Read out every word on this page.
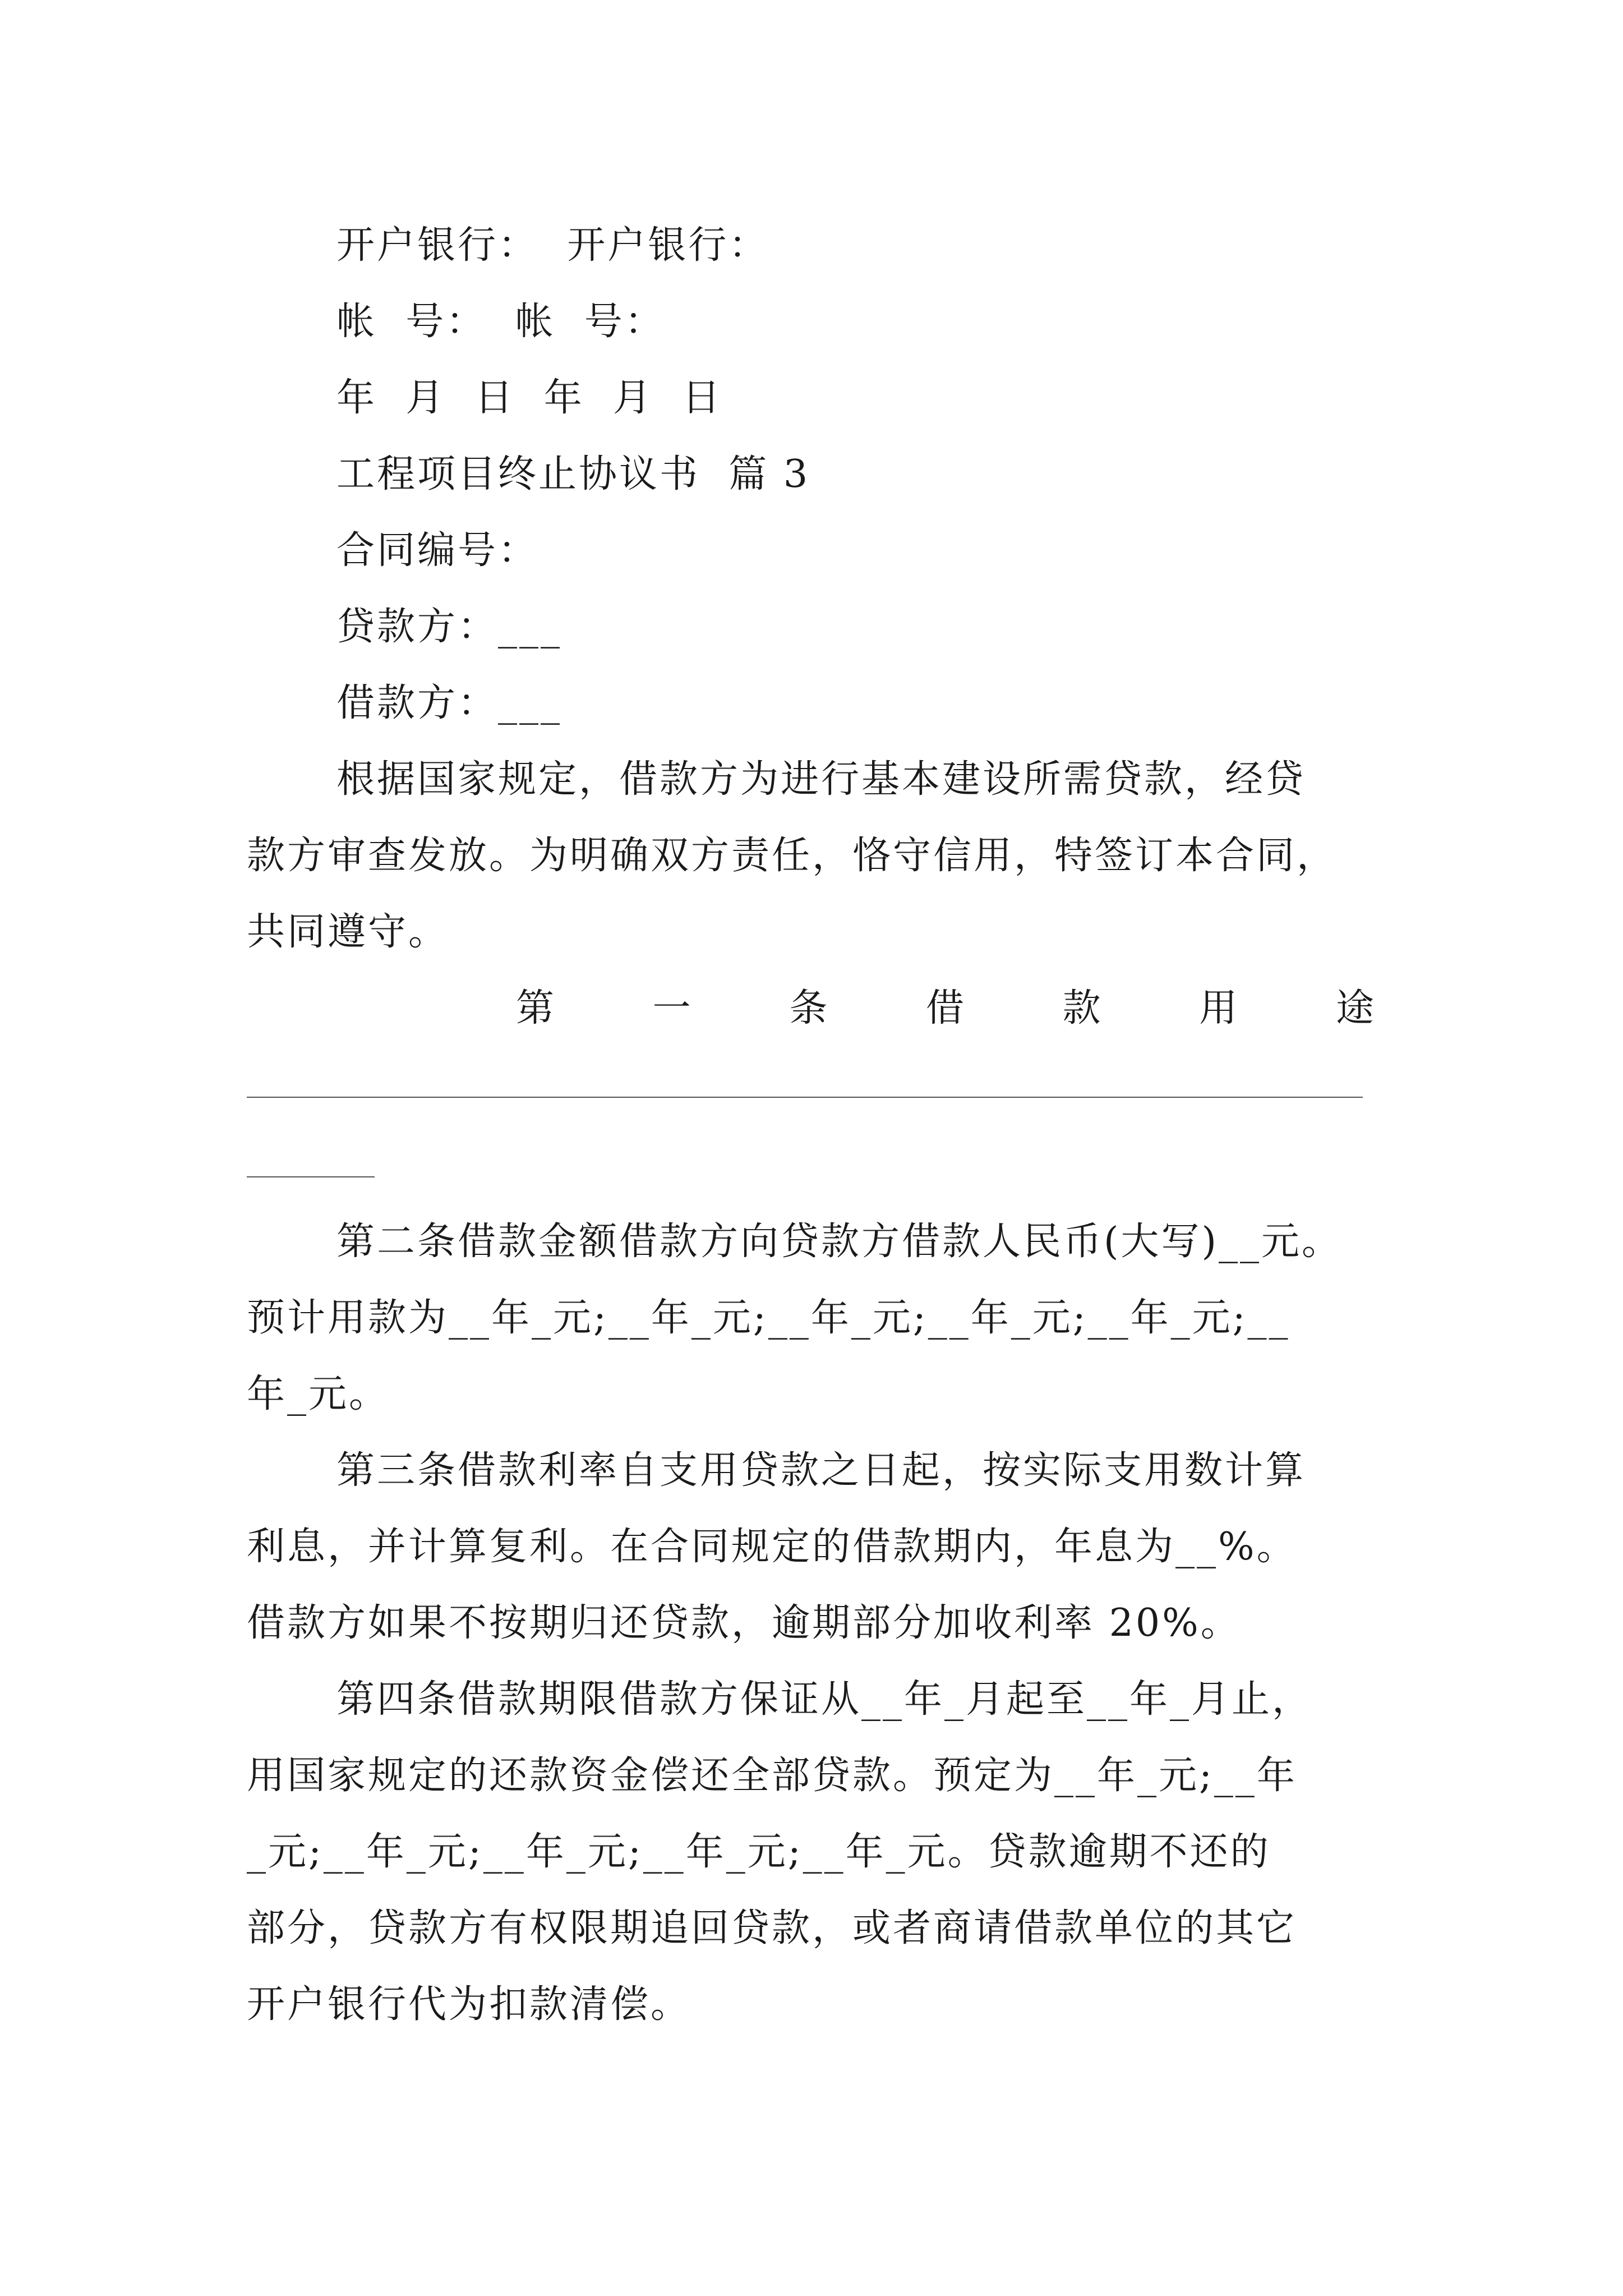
开户银行：  开户银行：
帐  号：  帐  号：
年  月  日  年  月  日
工程项目终止协议书  篇 3
合同编号：
贷款方：___
借款方：___
根据国家规定，借款方为进行基本建设所需贷款，经贷
款方审查发放。为明确双方责任，恪守信用，特签订本合同，
共同遵守。
第	一	条	借	款	用	途
第二条借款金额借款方向贷款方借款人民币(大写)__元。
预计用款为__年_元;__年_元;__年_元;__年_元;__年_元;__
年_元。
第三条借款利率自支用贷款之日起，按实际支用数计算
利息，并计算复利。在合同规定的借款期内，年息为__%。
借款方如果不按期归还贷款，逾期部分加收利率 20%。
第四条借款期限借款方保证从__年_月起至__年_月止，
用国家规定的还款资金偿还全部贷款。预定为__年_元;__年
_元;__年_元;__年_元;__年_元;__年_元。贷款逾期不还的
部分，贷款方有权限期追回贷款，或者商请借款单位的其它
开户银行代为扣款清偿。
